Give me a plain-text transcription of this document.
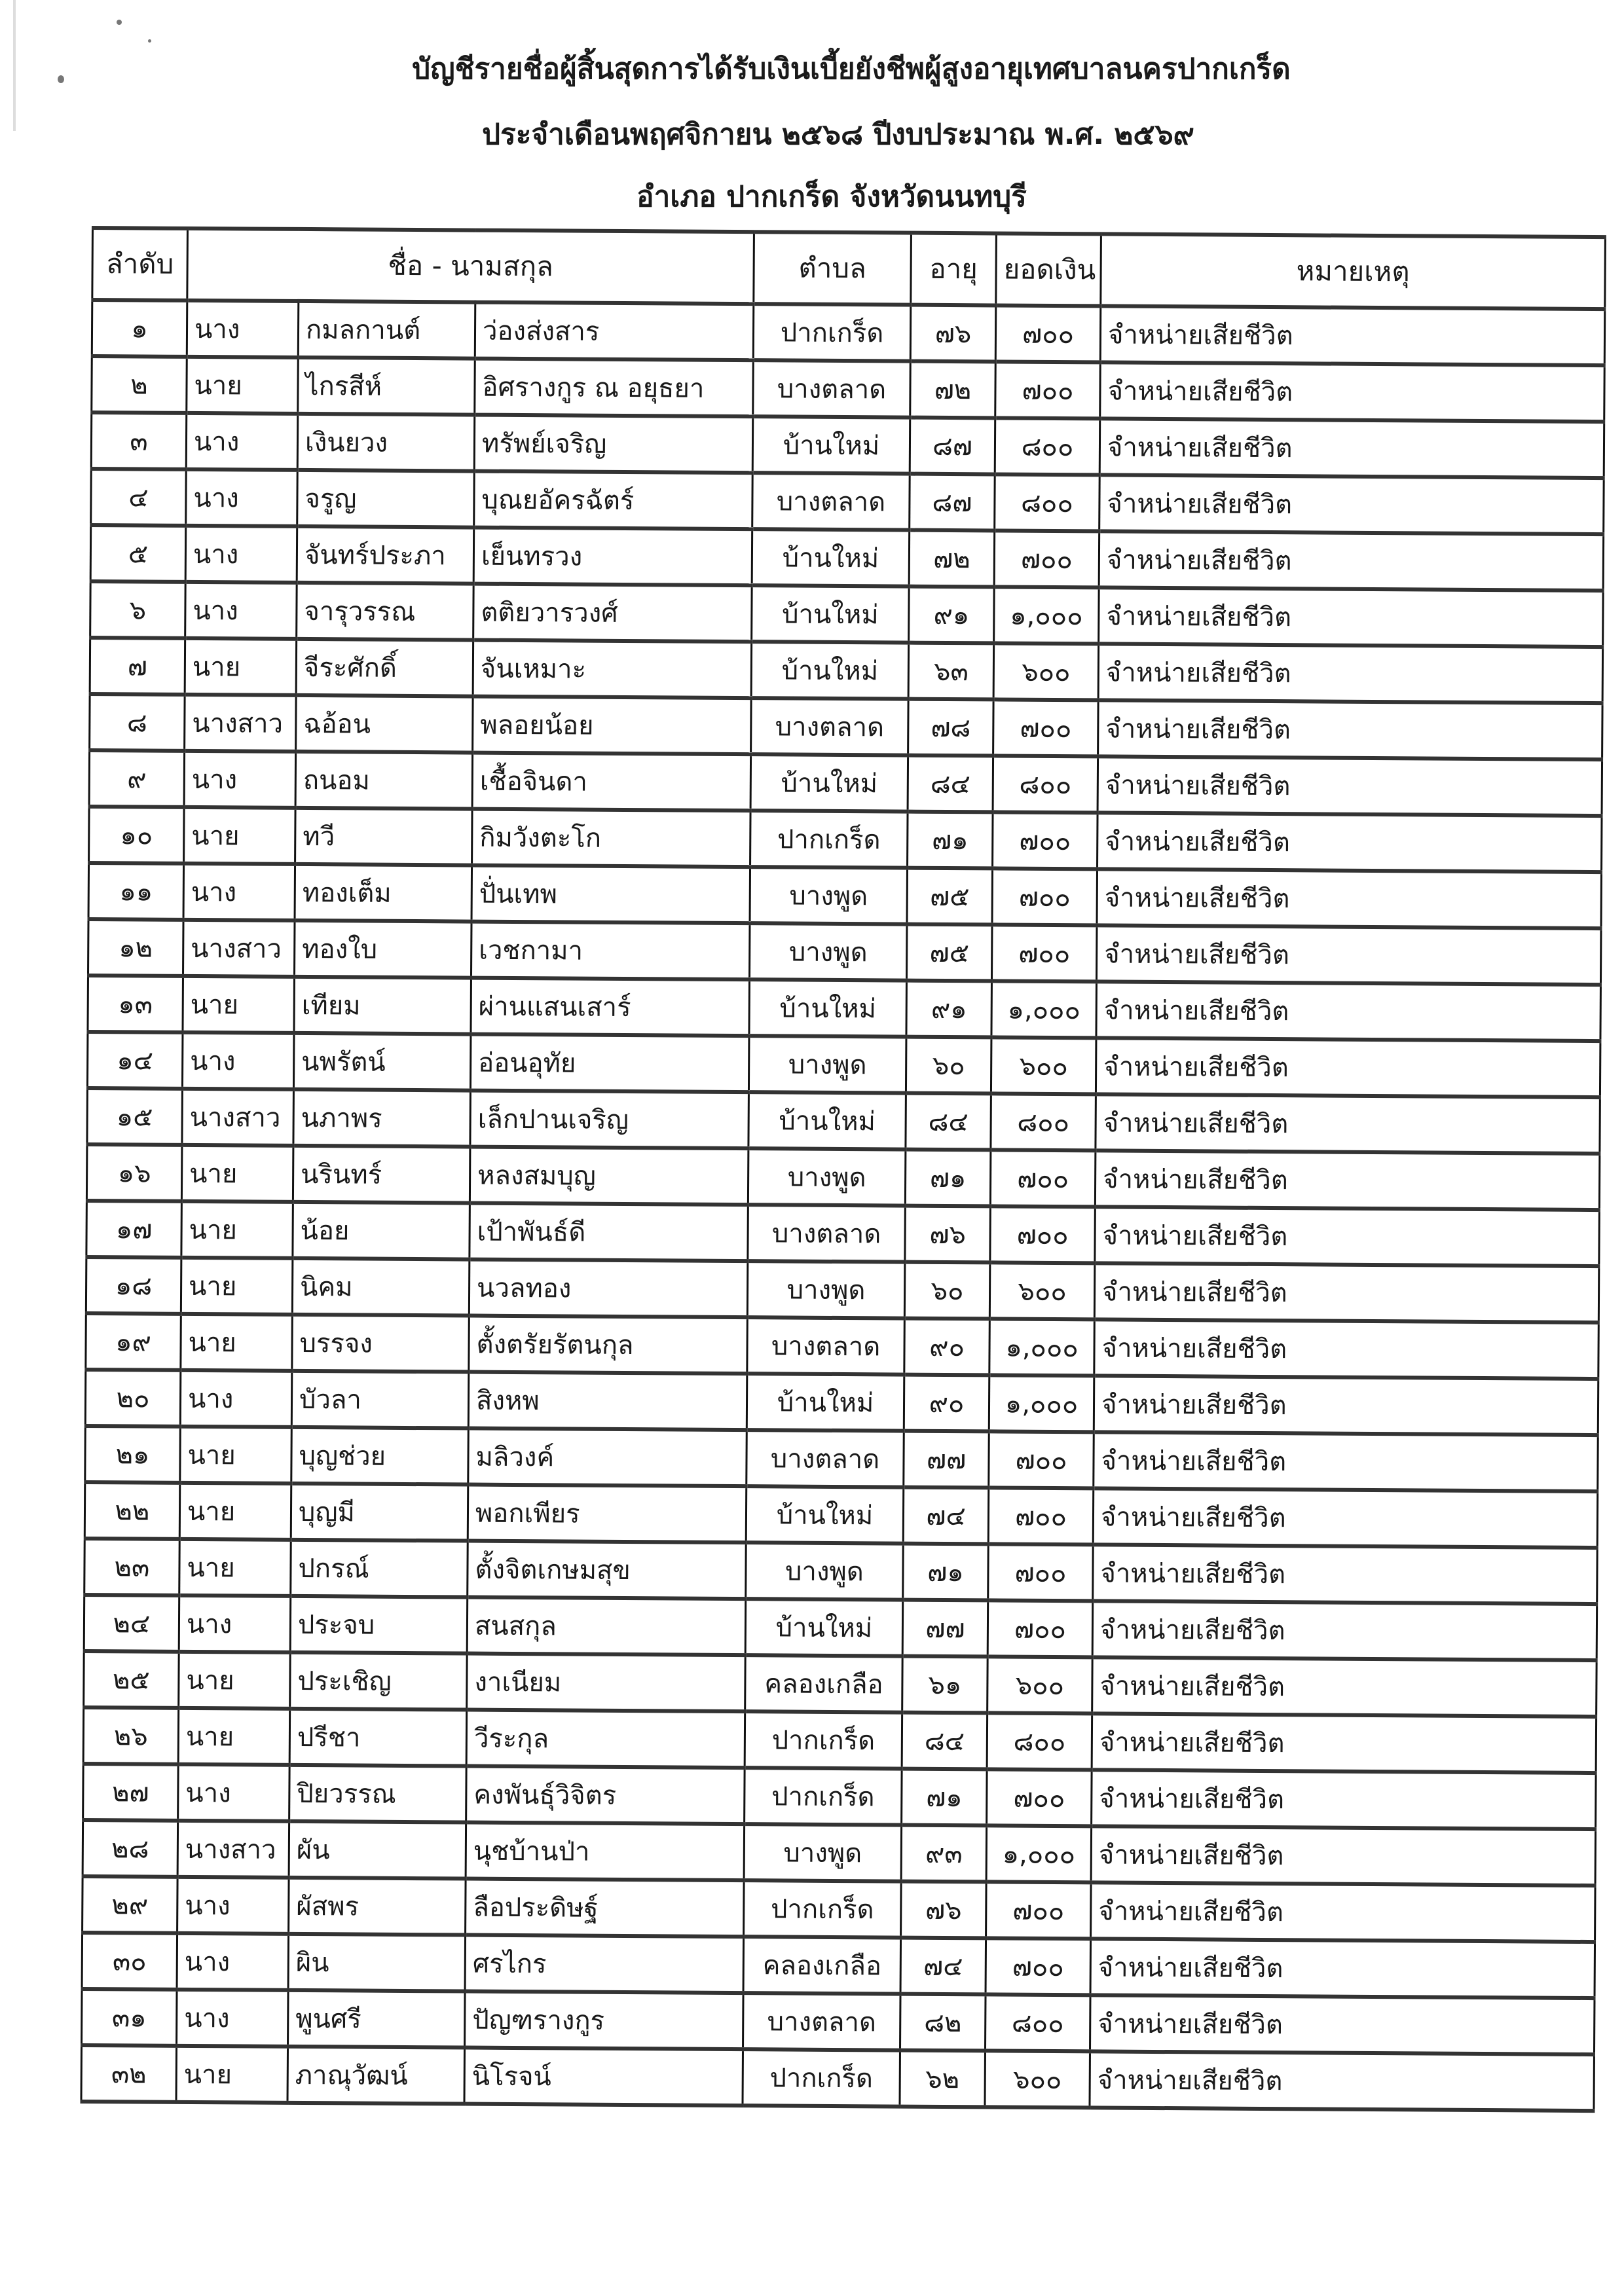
บัญชีรายชื่อผู้สิ้นสุดการได้รับเงินเบี้ยยังชีพผู้สูงอายุเทศบาลนครปากเกร็ด
ประจำเดือนพฤศจิกายน ๒๕๖๘ ปีงบประมาณ พ.ศ. ๒๕๖๙
อำเภอ ปากเกร็ด จังหวัดนนทบุรี
ลำดับ	ชื่อ - นามสกุล			ตำบล	อายุ	ยอดเงิน	หมายเหตุ
๑	นาง	กมลกานต์	ว่องส่งสาร	ปากเกร็ด	๗๖	๗๐๐	จำหน่ายเสียชีวิต
๒	นาย	ไกรสีห์	อิศรางกูร ณ อยุธยา	บางตลาด	๗๒	๗๐๐	จำหน่ายเสียชีวิต
๓	นาง	เงินยวง	ทรัพย์เจริญ	บ้านใหม่	๘๗	๘๐๐	จำหน่ายเสียชีวิต
๔	นาง	จรูญ	บุณยอัครฉัตร์	บางตลาด	๘๗	๘๐๐	จำหน่ายเสียชีวิต
๕	นาง	จันทร์ประภา	เย็นทรวง	บ้านใหม่	๗๒	๗๐๐	จำหน่ายเสียชีวิต
๖	นาง	จารุวรรณ	ตติยวารวงศ์	บ้านใหม่	๙๑	๑,๐๐๐	จำหน่ายเสียชีวิต
๗	นาย	จีระศักดิ์	จันเหมาะ	บ้านใหม่	๖๓	๖๐๐	จำหน่ายเสียชีวิต
๘	นางสาว	ฉอ้อน	พลอยน้อย	บางตลาด	๗๘	๗๐๐	จำหน่ายเสียชีวิต
๙	นาง	ถนอม	เชื้อจินดา	บ้านใหม่	๘๔	๘๐๐	จำหน่ายเสียชีวิต
๑๐	นาย	ทวี	กิมวังตะโก	ปากเกร็ด	๗๑	๗๐๐	จำหน่ายเสียชีวิต
๑๑	นาง	ทองเต็ม	ปั่นเทพ	บางพูด	๗๕	๗๐๐	จำหน่ายเสียชีวิต
๑๒	นางสาว	ทองใบ	เวชกามา	บางพูด	๗๕	๗๐๐	จำหน่ายเสียชีวิต
๑๓	นาย	เทียม	ผ่านแสนเสาร์	บ้านใหม่	๙๑	๑,๐๐๐	จำหน่ายเสียชีวิต
๑๔	นาง	นพรัตน์	อ่อนอุทัย	บางพูด	๖๐	๖๐๐	จำหน่ายเสียชีวิต
๑๕	นางสาว	นภาพร	เล็กปานเจริญ	บ้านใหม่	๘๔	๘๐๐	จำหน่ายเสียชีวิต
๑๖	นาย	นรินทร์	หลงสมบุญ	บางพูด	๗๑	๗๐๐	จำหน่ายเสียชีวิต
๑๗	นาย	น้อย	เป้าพันธ์ดี	บางตลาด	๗๖	๗๐๐	จำหน่ายเสียชีวิต
๑๘	นาย	นิคม	นวลทอง	บางพูด	๖๐	๖๐๐	จำหน่ายเสียชีวิต
๑๙	นาย	บรรจง	ตั้งตรัยรัตนกุล	บางตลาด	๙๐	๑,๐๐๐	จำหน่ายเสียชีวิต
๒๐	นาง	บัวลา	สิงหพ	บ้านใหม่	๙๐	๑,๐๐๐	จำหน่ายเสียชีวิต
๒๑	นาย	บุญช่วย	มลิวงค์	บางตลาด	๗๗	๗๐๐	จำหน่ายเสียชีวิต
๒๒	นาย	บุญมี	พอกเพียร	บ้านใหม่	๗๔	๗๐๐	จำหน่ายเสียชีวิต
๒๓	นาย	ปกรณ์	ตั้งจิตเกษมสุข	บางพูด	๗๑	๗๐๐	จำหน่ายเสียชีวิต
๒๔	นาง	ประจบ	สนสกุล	บ้านใหม่	๗๗	๗๐๐	จำหน่ายเสียชีวิต
๒๕	นาย	ประเชิญ	งาเนียม	คลองเกลือ	๖๑	๖๐๐	จำหน่ายเสียชีวิต
๒๖	นาย	ปรีชา	วีระกุล	ปากเกร็ด	๘๔	๘๐๐	จำหน่ายเสียชีวิต
๒๗	นาง	ปิยวรรณ	คงพันธุ์วิจิตร	ปากเกร็ด	๗๑	๗๐๐	จำหน่ายเสียชีวิต
๒๘	นางสาว	ผัน	นุชบ้านป่า	บางพูด	๙๓	๑,๐๐๐	จำหน่ายเสียชีวิต
๒๙	นาง	ผัสพร	ลือประดิษฐ์	ปากเกร็ด	๗๖	๗๐๐	จำหน่ายเสียชีวิต
๓๐	นาง	ผิน	ศรไกร	คลองเกลือ	๗๔	๗๐๐	จำหน่ายเสียชีวิต
๓๑	นาง	พูนศรี	ปัญฑรางกูร	บางตลาด	๘๒	๘๐๐	จำหน่ายเสียชีวิต
๓๒	นาย	ภาณุวัฒน์	นิโรจน์	ปากเกร็ด	๖๒	๖๐๐	จำหน่ายเสียชีวิต
